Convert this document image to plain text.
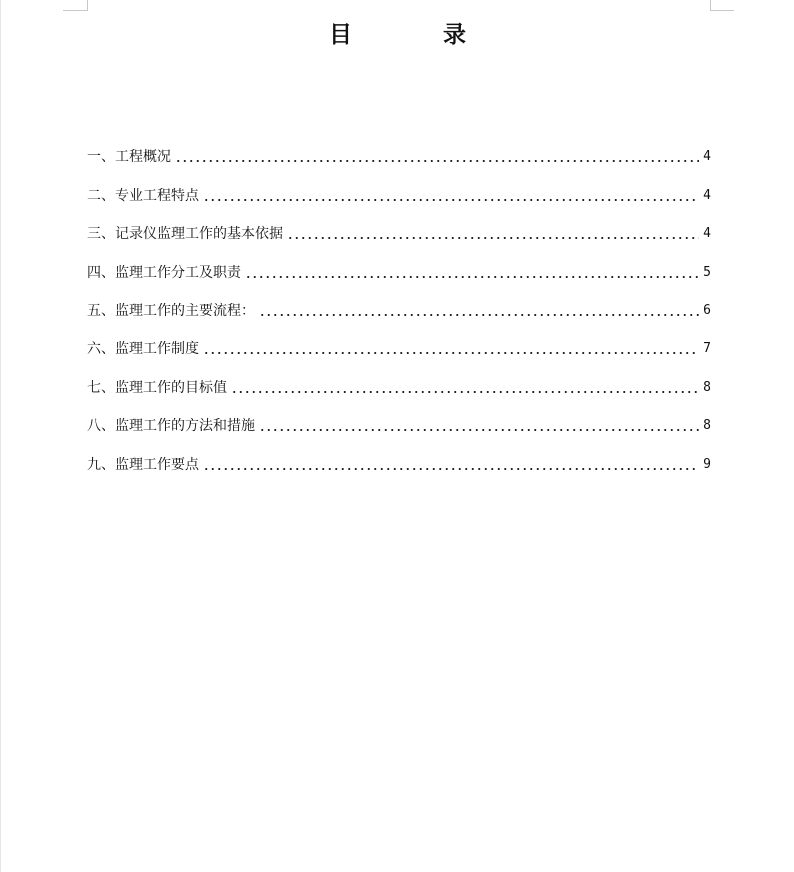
目          录
一、工程概况	4
二、专业工程特点	4
三、记录仪监理工作的基本依据	4
四、监理工作分工及职责	5
五、监理工作的主要流程：	6
六、监理工作制度	7
七、监理工作的目标值	8
八、监理工作的方法和措施	8
九、监理工作要点	9
